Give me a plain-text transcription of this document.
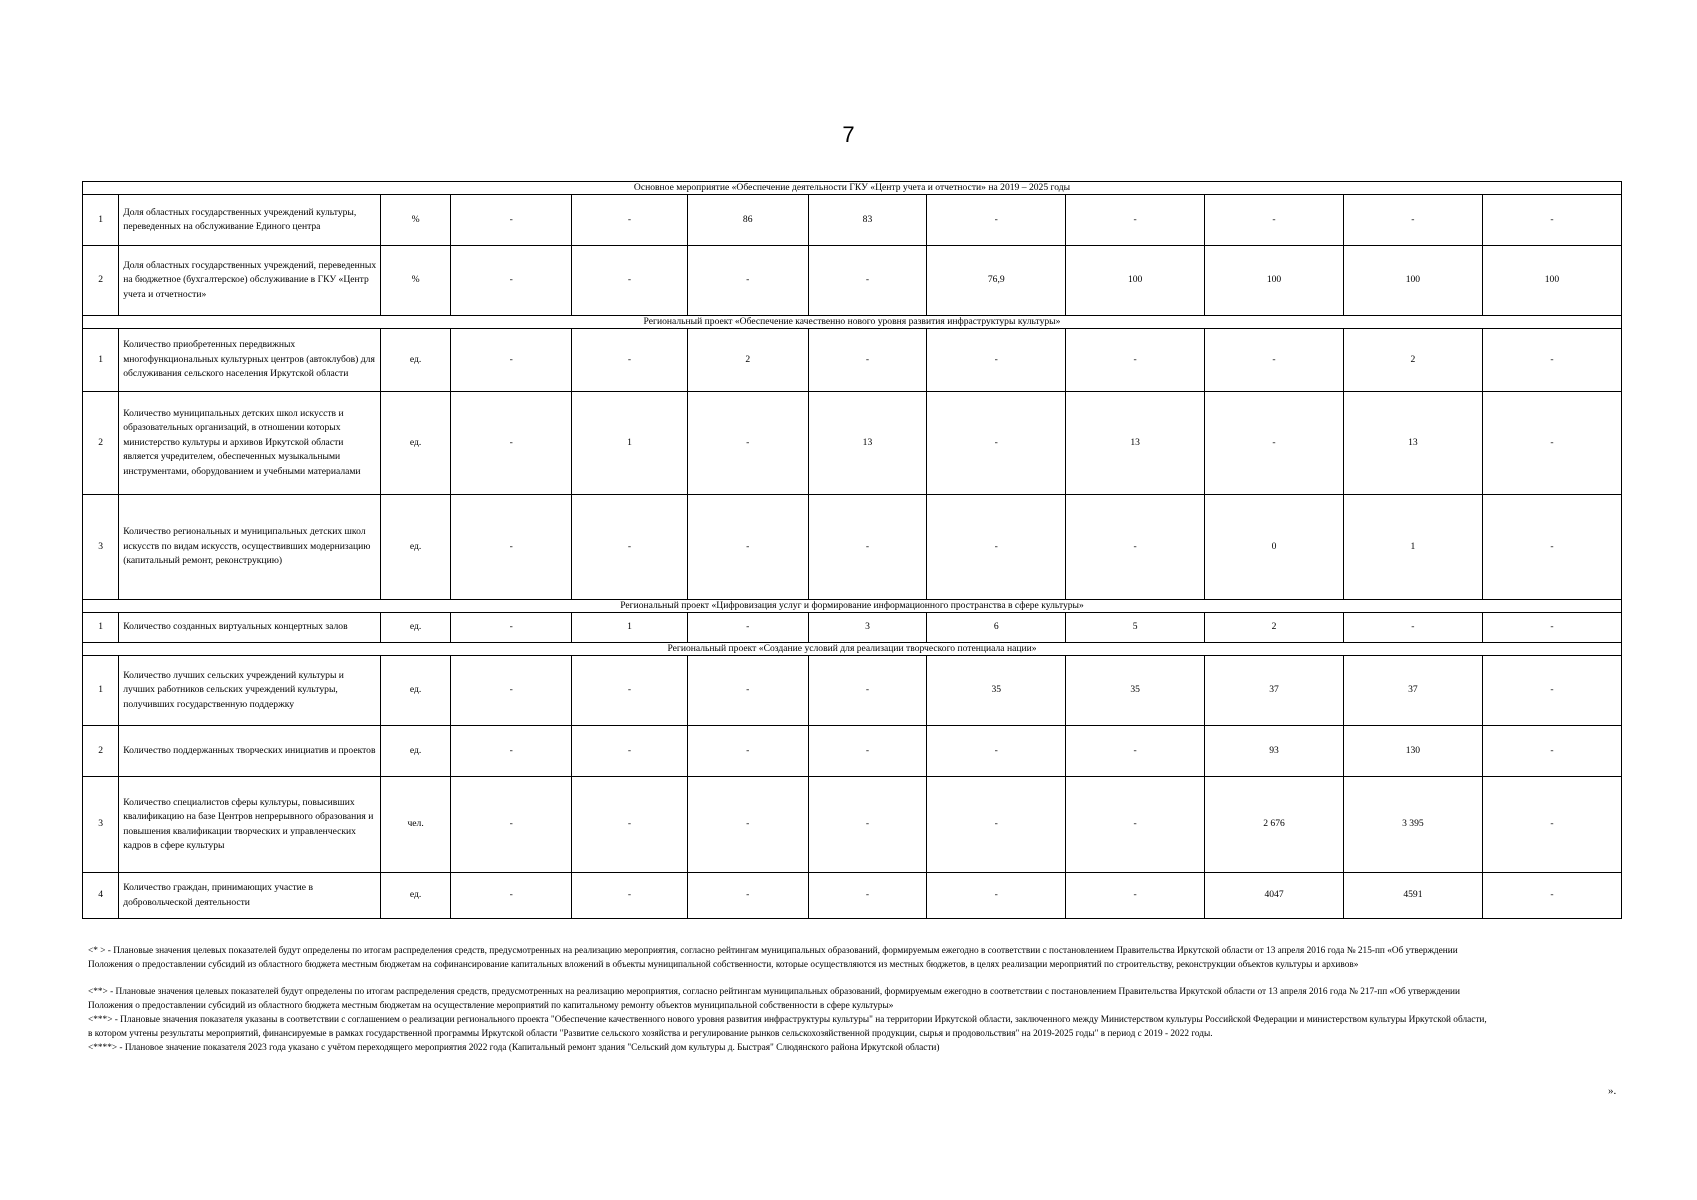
7
Основное мероприятие «Обеспечение деятельности ГКУ «Центр учета и отчетности» на 2019 – 2025 годы											
1	Доля областных государственных учреждений культуры, переведенных на обслуживание Единого центра	%	-	-	86	83	-	-	-	-	-
2	Доля областных государственных учреждений, переведенных на бюджетное (бухгалтерское) обслуживание в ГКУ «Центр учета и отчетности»	%	-	-	-	-	76,9	100	100	100	100
Региональный проект «Обеспечение качественно нового уровня развития инфраструктуры культуры»											
1	Количество приобретенных передвижных многофункциональных культурных центров (автоклубов) для обслуживания сельского населения Иркутской области	ед.	-	-	2	-	-	-	-	2	-
2	Количество муниципальных детских школ искусств и образовательных организаций, в отношении которых министерство культуры и архивов Иркутской области является учредителем, обеспеченных музыкальными инструментами, оборудованием и учебными материалами	ед.	-	1	-	13	-	13	-	13	-
3	Количество региональных и муниципальных детских школ искусств по видам искусств, осуществивших модернизацию (капитальный ремонт, реконструкцию)	ед.	-	-	-	-	-	-	0	1	-
Региональный проект «Цифровизация услуг и формирование информационного пространства в сфере культуры»											
1	Количество созданных виртуальных концертных залов	ед.	-	1	-	3	6	5	2	-	-
Региональный проект «Создание условий для реализации творческого потенциала нации»											
1	Количество лучших сельских учреждений культуры и лучших работников сельских учреждений культуры, получивших государственную поддержку	ед.	-	-	-	-	35	35	37	37	-
2	Количество поддержанных творческих инициатив и проектов	ед.	-	-	-	-	-	-	93	130	-
3	Количество специалистов сферы культуры, повысивших квалификацию на базе Центров непрерывного образования и повышения квалификации творческих и управленческих кадров в сфере культуры	чел.	-	-	-	-	-	-	2 676	3 395	-
4	Количество граждан, принимающих участие в добровольческой деятельности	ед.	-	-	-	-	-	-	4047	4591	-

<* > - Плановые значения целевых показателей будут определены по итогам распределения средств, предусмотренных на реализацию мероприятия, согласно рейтингам муниципальных образований, формируемым ежегодно в соответствии с постановлением Правительства Иркутской области от 13 апреля 2016 года № 215-пп «Об утверждении Положения о предоставлении субсидий из областного бюджета местным бюджетам на софинансирование капитальных вложений в объекты муниципальной собственности, которые осуществляются из местных бюджетов, в целях реализации мероприятий по строительству, реконструкции объектов культуры и архивов»

<**> - Плановые значения целевых показателей будут определены по итогам распределения средств, предусмотренных на реализацию мероприятия, согласно рейтингам муниципальных образований, формируемым ежегодно в соответствии с постановлением Правительства Иркутской области от 13 апреля 2016 года № 217-пп «Об утверждении Положения о предоставлении субсидий из областного бюджета местным бюджетам на осуществление мероприятий по капитальному ремонту объектов муниципальной собственности в сфере культуры»

<***> - Плановые значения показателя указаны в соответствии с соглашением о реализации регионального проекта "Обеспечение качественного нового уровня развития инфраструктуры культуры" на территории Иркутской области, заключенного между Министерством культуры Российской Федерации и министерством культуры Иркутской области, в котором учтены результаты мероприятий, финансируемые в рамках государственной программы Иркутской области "Развитие сельского хозяйства и регулирование рынков сельскохозяйственной продукции, сырья и продовольствия" на 2019-2025 годы" в период с 2019 - 2022 годы.

<****> - Плановое значение показателя 2023 года указано с учётом переходящего мероприятия 2022 года (Капитальный ремонт здания "Сельский дом культуры д. Быстрая" Слюдянского района Иркутской области)

».
